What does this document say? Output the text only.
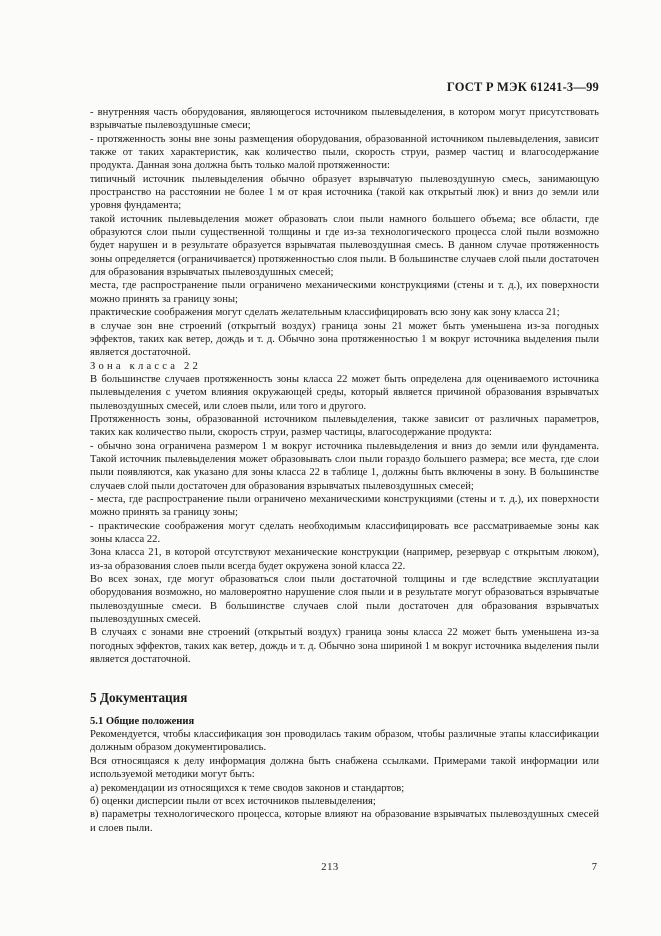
ГОСТ Р МЭК 61241-3—99

- внутренняя часть оборудования, являющегося источником пылевыделения, в котором могут присутствовать взрывчатые пылевоздушные смеси;

- протяженность зоны вне зоны размещения оборудования, образованной источником пылевыделения, зависит также от таких характеристик, как количество пыли, скорость струи, размер частиц и влагосодержание продукта. Данная зона должна быть только малой протяженности:

типичный источник пылевыделения обычно образует взрывчатую пылевоздушную смесь, занимающую пространство на расстоянии не более 1 м от края источника (такой как открытый люк) и вниз до земли или уровня фундамента;

такой источник пылевыделения может образовать слои пыли намного большего объема; все области, где образуются слои пыли существенной толщины и где из-за технологического процесса слой пыли возможно будет нарушен и в результате образуется взрывчатая пылевоздушная смесь. В данном случае протяженность зоны определяется (ограничивается) протяженностью слоя пыли. В большинстве случаев слой пыли достаточен для образования взрывчатых пылевоздушных смесей;

места, где распространение пыли ограничено механическими конструкциями (стены и т. д.), их поверхности можно принять за границу зоны;

практические соображения могут сделать желательным классифицировать всю зону как зону класса 21;

в случае зон вне строений (открытый воздух) граница зоны 21 может быть уменьшена из-за погодных эффектов, таких как ветер, дождь и т. д. Обычно зона протяженностью 1 м вокруг источника выделения пыли является достаточной.

Зона класса 22

В большинстве случаев протяженность зоны класса 22 может быть определена для оцениваемого источника пылевыделения с учетом влияния окружающей среды, который является причиной образования взрывчатых пылевоздушных смесей, или слоев пыли, или того и другого.

Протяженность зоны, образованной источником пылевыделения, также зависит от различных параметров, таких как количество пыли, скорость струи, размер частицы, влагосодержание продукта:

- обычно зона ограничена размером 1 м вокруг источника пылевыделения и вниз до земли или фундамента. Такой источник пылевыделения может образовывать слои пыли гораздо большего размера; все места, где слои пыли появляются, как указано для зоны класса 22 в таблице 1, должны быть включены в зону. В большинстве случаев слой пыли достаточен для образования взрывчатых пылевоздушных смесей;

- места, где распространение пыли ограничено механическими конструкциями (стены и т. д.), их поверхности можно принять за границу зоны;

- практические соображения могут сделать необходимым классифицировать все рассматриваемые зоны как зоны класса 22.

Зона класса 21, в которой отсутствуют механические конструкции (например, резервуар с открытым люком), из-за образования слоев пыли всегда будет окружена зоной класса 22.

Во всех зонах, где могут образоваться слои пыли достаточной толщины и где вследствие эксплуатации оборудования возможно, но маловероятно нарушение слоя пыли и в результате могут образоваться взрывчатые пылевоздушные смеси. В большинстве случаев слой пыли достаточен для образования взрывчатых пылевоздушных смесей.

В случаях с зонами вне строений (открытый воздух) граница зоны класса 22 может быть уменьшена из-за погодных эффектов, таких как ветер, дождь и т. д. Обычно зона шириной 1 м вокруг источника выделения пыли является достаточной.

5 Документация

5.1 Общие положения

Рекомендуется, чтобы классификация зон проводилась таким образом, чтобы различные этапы классификации должным образом документировались.

Вся относящаяся к делу информация должна быть снабжена ссылками. Примерами такой информации или используемой методики могут быть:

а) рекомендации из относящихся к теме сводов законов и стандартов;

б) оценки дисперсии пыли от всех источников пылевыделения;

в) параметры технологического процесса, которые влияют на образование взрывчатых пылевоздушных смесей и слоев пыли.

213	7
